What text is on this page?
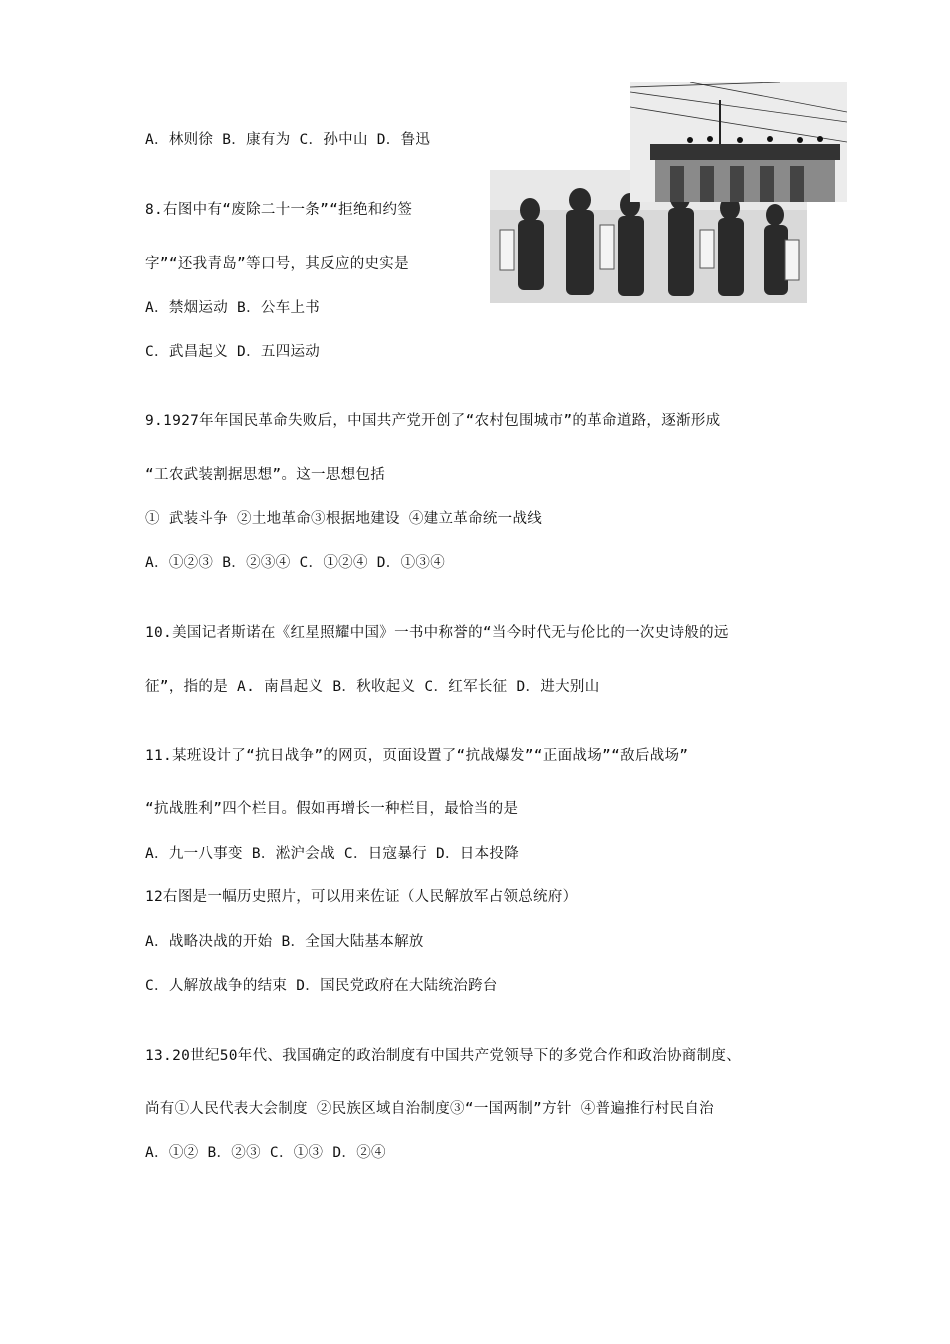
A．林则徐 B．康有为 C．孙中山 D．鲁迅
8.右图中有“废除二十一条”“拒绝和约签
字”“还我青岛”等口号，其反应的史实是
A．禁烟运动 B．公车上书
C．武昌起义 D．五四运动
9.1927年年国民革命失败后，中国共产党开创了“农村包围城市”的革命道路，逐渐形成
“工农武装割据思想”。这一思想包括
① 武装斗争 ②土地革命③根据地建设 ④建立革命统一战线
A．①②③ B．②③④ C．①②④ D．①③④
10.美国记者斯诺在《红星照耀中国》一书中称誉的“当今时代无与伦比的一次史诗般的远
征”，指的是 A. 南昌起义 B．秋收起义 C．红军长征 D．进大别山
11.某班设计了“抗日战争”的网页，页面设置了“抗战爆发”“正面战场”“敌后战场”
“抗战胜利”四个栏目。假如再增长一种栏目，最恰当的是
A．九一八事变 B．淞沪会战 C．日寇暴行 D．日本投降
12右图是一幅历史照片，可以用来佐证（人民解放军占领总统府）
A．战略决战的开始 B．全国大陆基本解放
C．人解放战争的结束 D．国民党政府在大陆统治跨台
13.20世纪50年代、我国确定的政治制度有中国共产党领导下的多党合作和政治协商制度、
尚有①人民代表大会制度 ②民族区域自治制度③“一国两制”方针 ④普遍推行村民自治
A．①② B．②③ C．①③ D．②④
